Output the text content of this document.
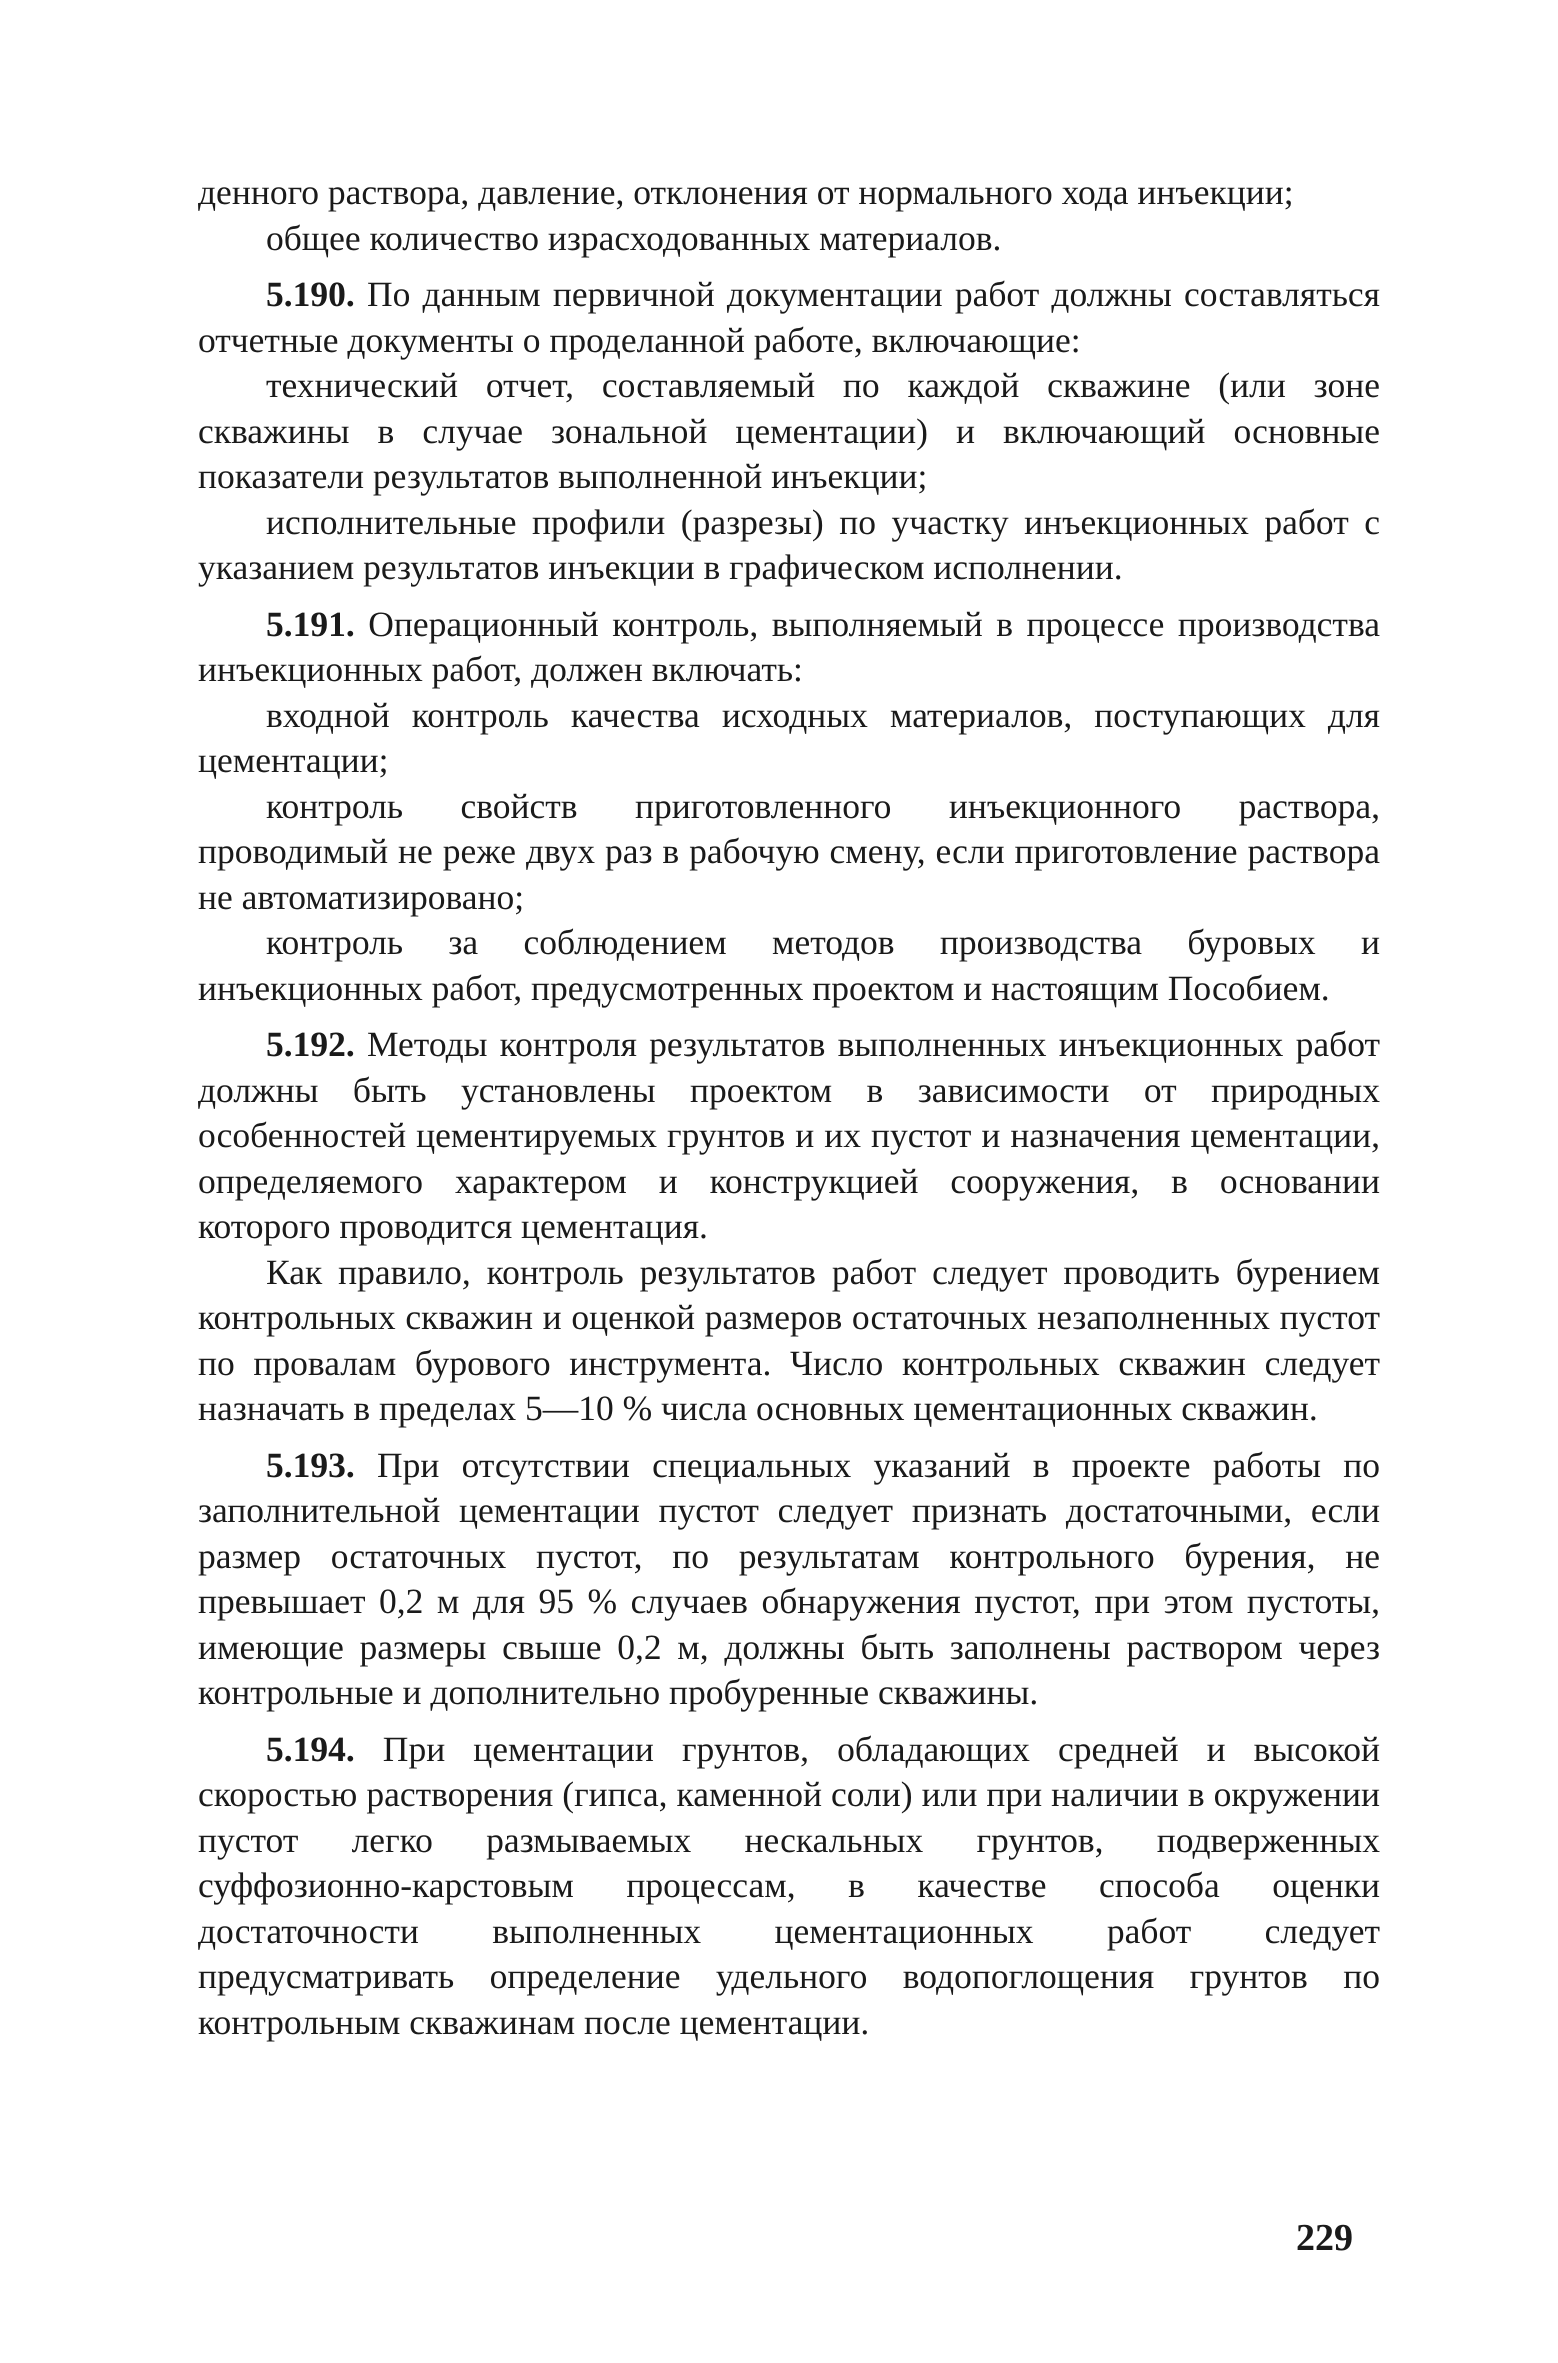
денного раствора, давление, отклонения от нормального хода инъекции;

общее количество израсходованных материалов.

5.190. По данным первичной документации работ должны составляться отчетные документы о проделанной работе, включающие:

технический отчет, составляемый по каждой скважине (или зоне скважины в случае зональной цементации) и включающий основные показатели результатов выполненной инъекции;

исполнительные профили (разрезы) по участку инъекционных работ с указанием результатов инъекции в графическом исполнении.

5.191. Операционный контроль, выполняемый в процессе производства инъекционных работ, должен включать:

входной контроль качества исходных материалов, поступающих для цементации;

контроль свойств приготовленного инъекционного раствора, проводимый не реже двух раз в рабочую смену, если приготовление раствора не автоматизировано;

контроль за соблюдением методов производства буровых и инъекционных работ, предусмотренных проектом и настоящим Пособием.

5.192. Методы контроля результатов выполненных инъекционных работ должны быть установлены проектом в зависимости от природных особенностей цементируемых грунтов и их пустот и назначения цементации, определяемого характером и конструкцией сооружения, в основании которого проводится цементация.

Как правило, контроль результатов работ следует проводить бурением контрольных скважин и оценкой размеров остаточных незаполненных пустот по провалам бурового инструмента. Число контрольных скважин следует назначать в пределах 5—10 % числа основных цементационных скважин.

5.193. При отсутствии специальных указаний в проекте работы по заполнительной цементации пустот следует признать достаточными, если размер остаточных пустот, по результатам контрольного бурения, не превышает 0,2 м для 95 % случаев обнаружения пустот, при этом пустоты, имеющие размеры свыше 0,2 м, должны быть заполнены раствором через контрольные и дополнительно пробуренные скважины.

5.194. При цементации грунтов, обладающих средней и высокой скоростью растворения (гипса, каменной соли) или при наличии в окружении пустот легко размываемых нескальных грунтов, подверженных суффозионно-карстовым процессам, в качестве способа оценки достаточности выполненных цементационных работ следует предусматривать определение удельного водопоглощения грунтов по контрольным скважинам после цементации.

229
